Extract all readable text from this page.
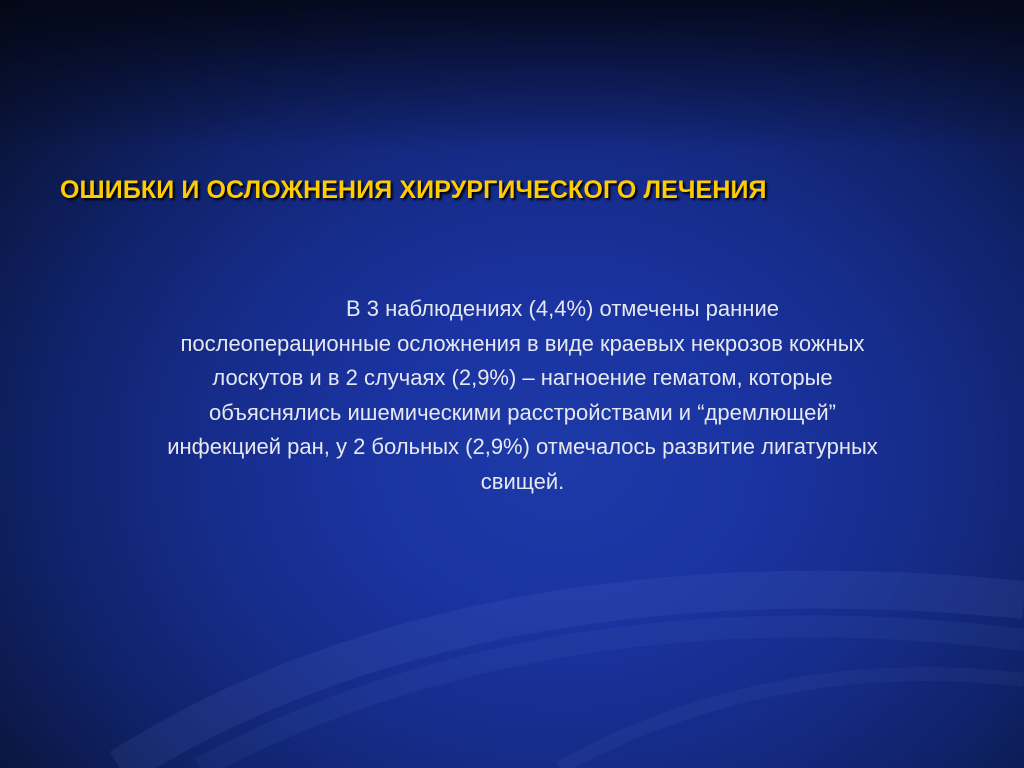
ОШИБКИ И ОСЛОЖНЕНИЯ ХИРУРГИЧЕСКОГО ЛЕЧЕНИЯ

В 3 наблюдениях (4,4%) отмечены ранние
послеоперационные осложнения в виде краевых некрозов кожных
лоскутов и в 2 случаях (2,9%) – нагноение гематом, которые
объяснялись ишемическими расстройствами и “дремлющей”
инфекцией ран, у 2 больных (2,9%) отмечалось развитие лигатурных
свищей.
